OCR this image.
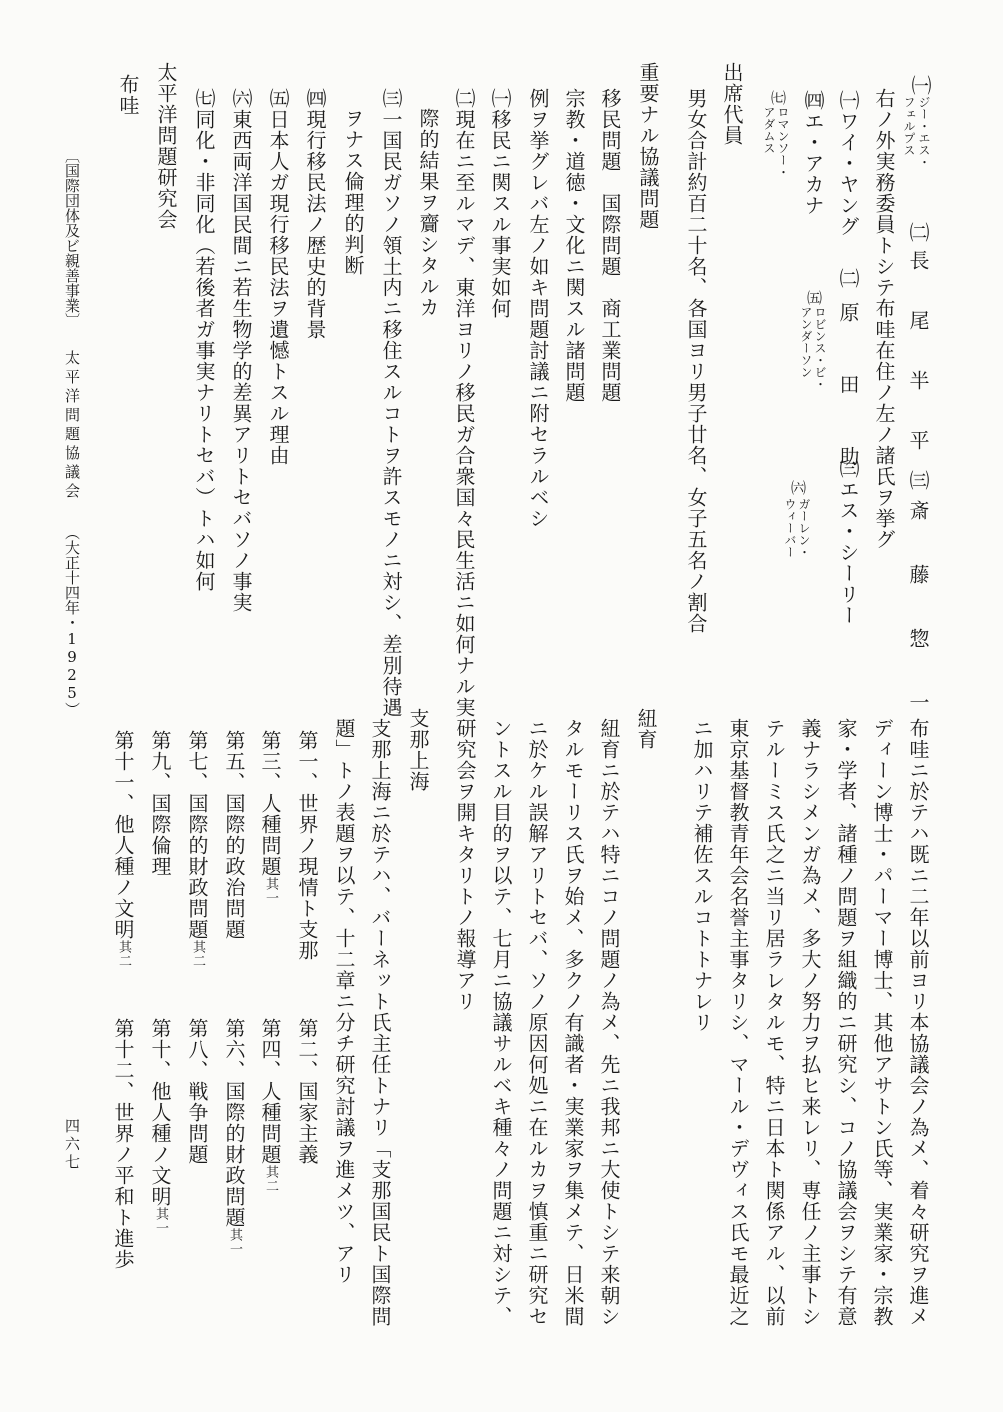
㈠
ジー・エス・
フェルプス
㈡長 尾 半 平
㈢斎 藤 惣 一
右ノ外実務委員トシテ布哇在住ノ左ノ諸氏ヲ挙グ
㈠ワイ・ヤング
㈡原 田 助
㈢エス・シーリー
㈣エ・アカナ
㈤
ロビンス・ビ・
アンダーソン
㈥
ガーレン・
ウィーバー
㈦
ロマンソー・
アダムス
出席代員
男女合計約百二十名、各国ヨリ男子廿名、女子五名ノ割合
重要ナル協議問題
移民問題　国際問題　商工業問題
宗教・道徳・文化ニ関スル諸問題
例ヲ挙グレバ左ノ如キ問題討議ニ附セラルベシ
㈠移民ニ関スル事実如何
㈡現在ニ至ルマデ、東洋ヨリノ移民ガ合衆国々民生活ニ如何ナル実
際的結果ヲ齎シタルカ
㈢一国民ガソノ領土内ニ移住スルコトヲ許スモノニ対シ、差別待遇
ヲナス倫理的判断
㈣現行移民法ノ歴史的背景
㈤日本人ガ現行移民法ヲ遺憾トスル理由
㈥東西両洋国民間ニ若生物学的差異アリトセバソノ事実
㈦同化・非同化（若後者ガ事実ナリトセバ）トハ如何
太平洋問題研究会
布哇
布哇ニ於テハ既ニ二年以前ヨリ本協議会ノ為メ、着々研究ヲ進メ
ディーン博士・パーマー博士、其他アサトン氏等、実業家・宗教
家・学者、諸種ノ問題ヲ組織的ニ研究シ、コノ協議会ヲシテ有意
義ナラシメンガ為メ、多大ノ努力ヲ払ヒ来レリ、専任ノ主事トシ
テルーミス氏之ニ当リ居ラレタルモ、特ニ日本ト関係アル、以前
東京基督教青年会名誉主事タリシ、マール・デヴィス氏モ最近之
ニ加ハリテ補佐スルコトトナレリ
紐育
紐育ニ於テハ特ニコノ問題ノ為メ、先ニ我邦ニ大使トシテ来朝シ
タルモーリス氏ヲ始メ、多クノ有識者・実業家ヲ集メテ、日米間
ニ於ケル誤解アリトセバ、ソノ原因何処ニ在ルカヲ慎重ニ研究セ
ントスル目的ヲ以テ、七月ニ協議サルベキ種々ノ問題ニ対シテ、
研究会ヲ開キタリトノ報導アリ
支那上海
支那上海ニ於テハ、バーネット氏主任トナリ「支那国民ト国際問
題」トノ表題ヲ以テ、十二章ニ分チ研究討議ヲ進メツ、アリ
第一、世界ノ現情ト支那
第二、国家主義
第三、人種問題其一
第四、人種問題其二
第五、国際的政治問題
第六、国際的財政問題其一
第七、国際的財政問題其二
第八、戦争問題
第九、国際倫理
第十、他人種ノ文明其一
第十一、他人種ノ文明其二
第十二、世界ノ平和ト進歩
〔国際団体及ビ親善事業〕
太平洋問題協議会
（大正十四年・1925）
四六七
